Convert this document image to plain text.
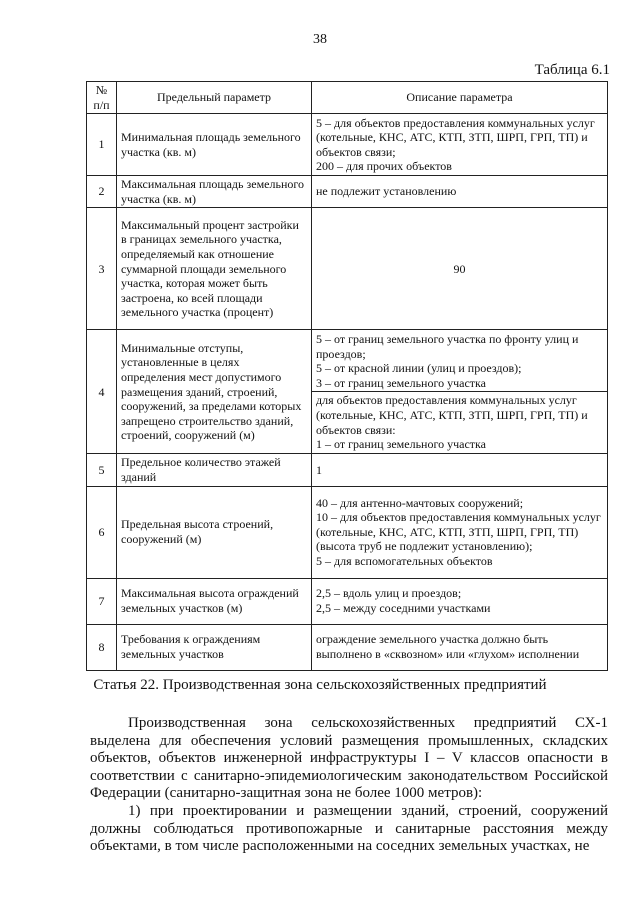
38
Таблица 6.1
№ п/п	Предельный параметр	Описание параметра
1	Минимальная площадь земельного участка (кв. м)	5 – для объектов предоставления коммунальных услуг (котельные, КНС, АТС, КТП, ЗТП, ШРП, ГРП, ТП) и объектов связи;
200 – для прочих объектов

2	Максимальная площадь земельного участка (кв. м)	не подлежит установлению
3	Максимальный процент застройки в границах земельного участка, определяемый как отношение суммарной площади земельного участка, которая может быть застроена, ко всей площади земельного участка (процент)	90
4	Минимальные отступы, установленные в целях определения мест допустимого размещения зданий, строений, сооружений, за пределами которых запрещено строительство зданий, строений, сооружений (м)	5 – от границ земельного участка по фронту улиц и проездов;
5 – от красной линии (улиц и проездов);
3 – от границ земельного участка
для объектов предоставления коммунальных услуг (котельные, КНС, АТС, КТП, ЗТП, ШРП, ГРП, ТП) и объектов связи:
1 – от границ земельного участка

5	Предельное количество этажей зданий	1
6	Предельная высота строений, сооружений (м)	40 – для антенно-мачтовых сооружений;
10 – для объектов предоставления коммунальных услуг (котельные, КНС, АТС, КТП, ЗТП, ШРП, ГРП, ТП) (высота труб не подлежит установлению);
5 – для вспомогательных объектов

7	Максимальная высота ограждений земельных участков (м)	2,5 – вдоль улиц и проездов;
2,5 – между соседними участками

8	Требования к ограждениям земельных участков	ограждение земельного участка должно быть выполнено в «сквозном» или «глухом» исполнении
Статья 22. Производственная зона сельскохозяйственных предприятий

Производственная зона сельскохозяйственных предприятий СХ-1 выделена для обеспечения условий размещения промышленных, складских объектов, объектов инженерной инфраструктуры I – V классов опасности в соответствии с санитарно-эпидемиологическим законодательством Российской Федерации (санитарно-защитная зона не более 1000 метров):

1) при проектировании и размещении зданий, строений, сооружений должны соблюдаться противопожарные и санитарные расстояния между объектами, в том числе расположенными на соседних земельных участках, не
